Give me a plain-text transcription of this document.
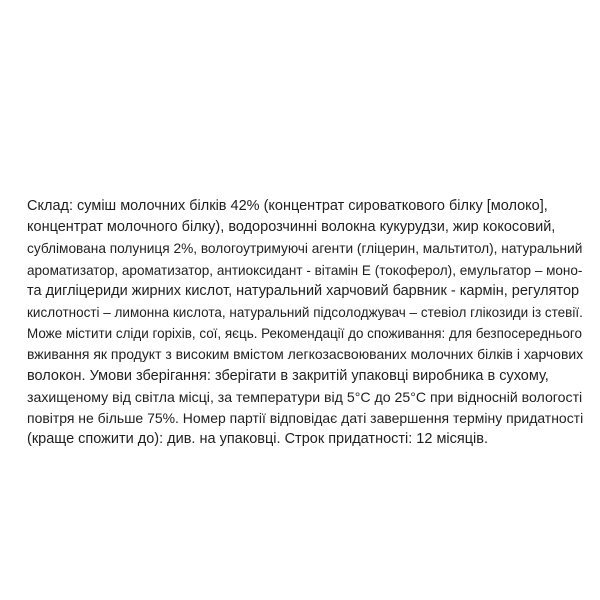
Склад: суміш молочних білків 42% (концентрат сироваткового білку [молоко],
концентрат молочного білку), водорозчинні волокна кукурудзи, жир кокосовий,
сублімована полуниця 2%, вологоутримуючі агенти (гліцерин, мальтитол), натуральний
ароматизатор, ароматизатор, антиоксидант - вітамін Е (токоферол), емульгатор – моно-
та дигліцериди жирних кислот, натуральний харчовий барвник - кармін, регулятор
кислотності – лимонна кислота, натуральний підсолоджувач – стевіол глікозиди із стевії.
Може містити сліди горіхів, сої, яєць. Рекомендації до споживання: для безпосереднього
вживання як продукт з високим вмістом легкозасвоюваних молочних білків і харчових
волокон. Умови зберігання: зберігати в закритій упаковці виробника в сухому,
захищеному від світла місці, за температури від 5°C до 25°C при відносній вологості
повітря не більше 75%. Номер партії відповідає даті завершення терміну придатності
(краще спожити до): див. на упаковці. Строк придатності: 12 місяців.
